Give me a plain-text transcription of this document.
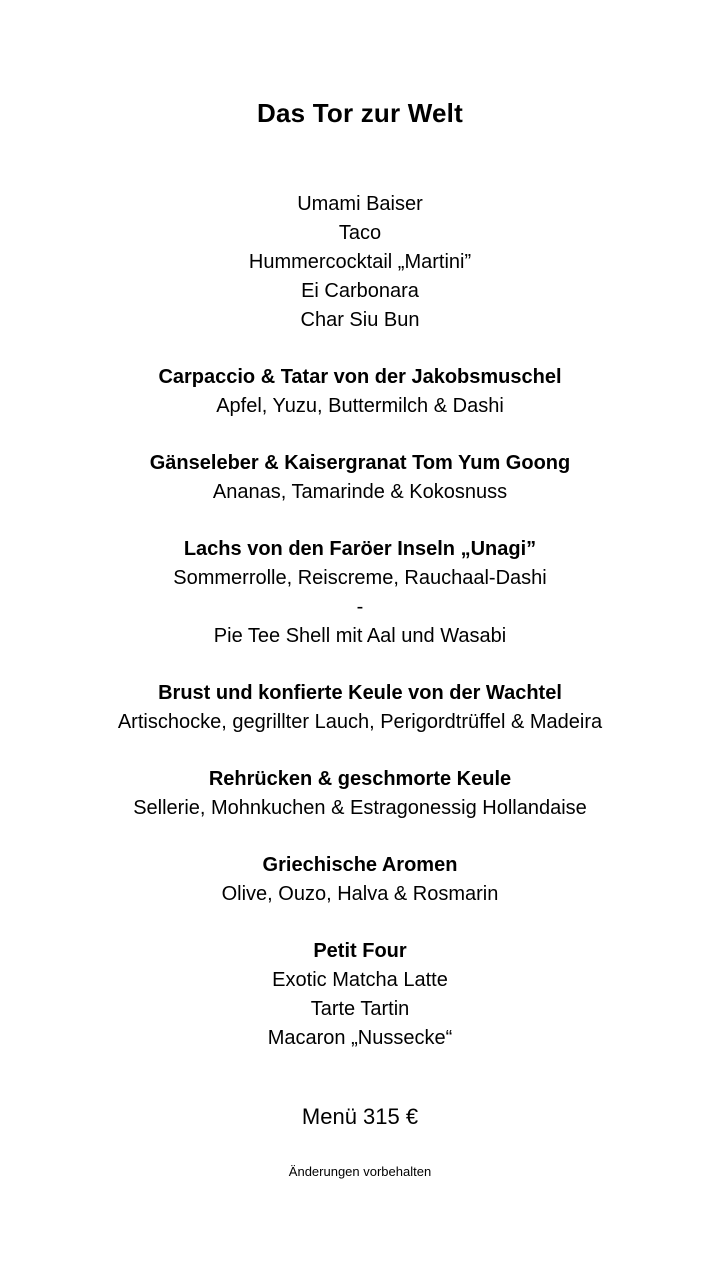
Das Tor zur Welt
Umami Baiser
Taco
Hummercocktail „Martini”
Ei Carbonara
Char Siu Bun
Carpaccio & Tatar von der Jakobsmuschel
Apfel, Yuzu, Buttermilch & Dashi
Gänseleber & Kaisergranat Tom Yum Goong
Ananas, Tamarinde & Kokosnuss
Lachs von den Faröer Inseln „Unagi”
Sommerrolle, Reiscreme, Rauchaal-Dashi
-
Pie Tee Shell mit Aal und Wasabi
Brust und konfierte Keule von der Wachtel
Artischocke, gegrillter Lauch, Perigordtrüffel & Madeira
Rehrücken & geschmorte Keule
Sellerie, Mohnkuchen & Estragonessig Hollandaise
Griechische Aromen
Olive, Ouzo, Halva & Rosmarin
Petit Four
Exotic Matcha Latte
Tarte Tartin
Macaron „Nussecke“
Menü 315 €
Änderungen vorbehalten
